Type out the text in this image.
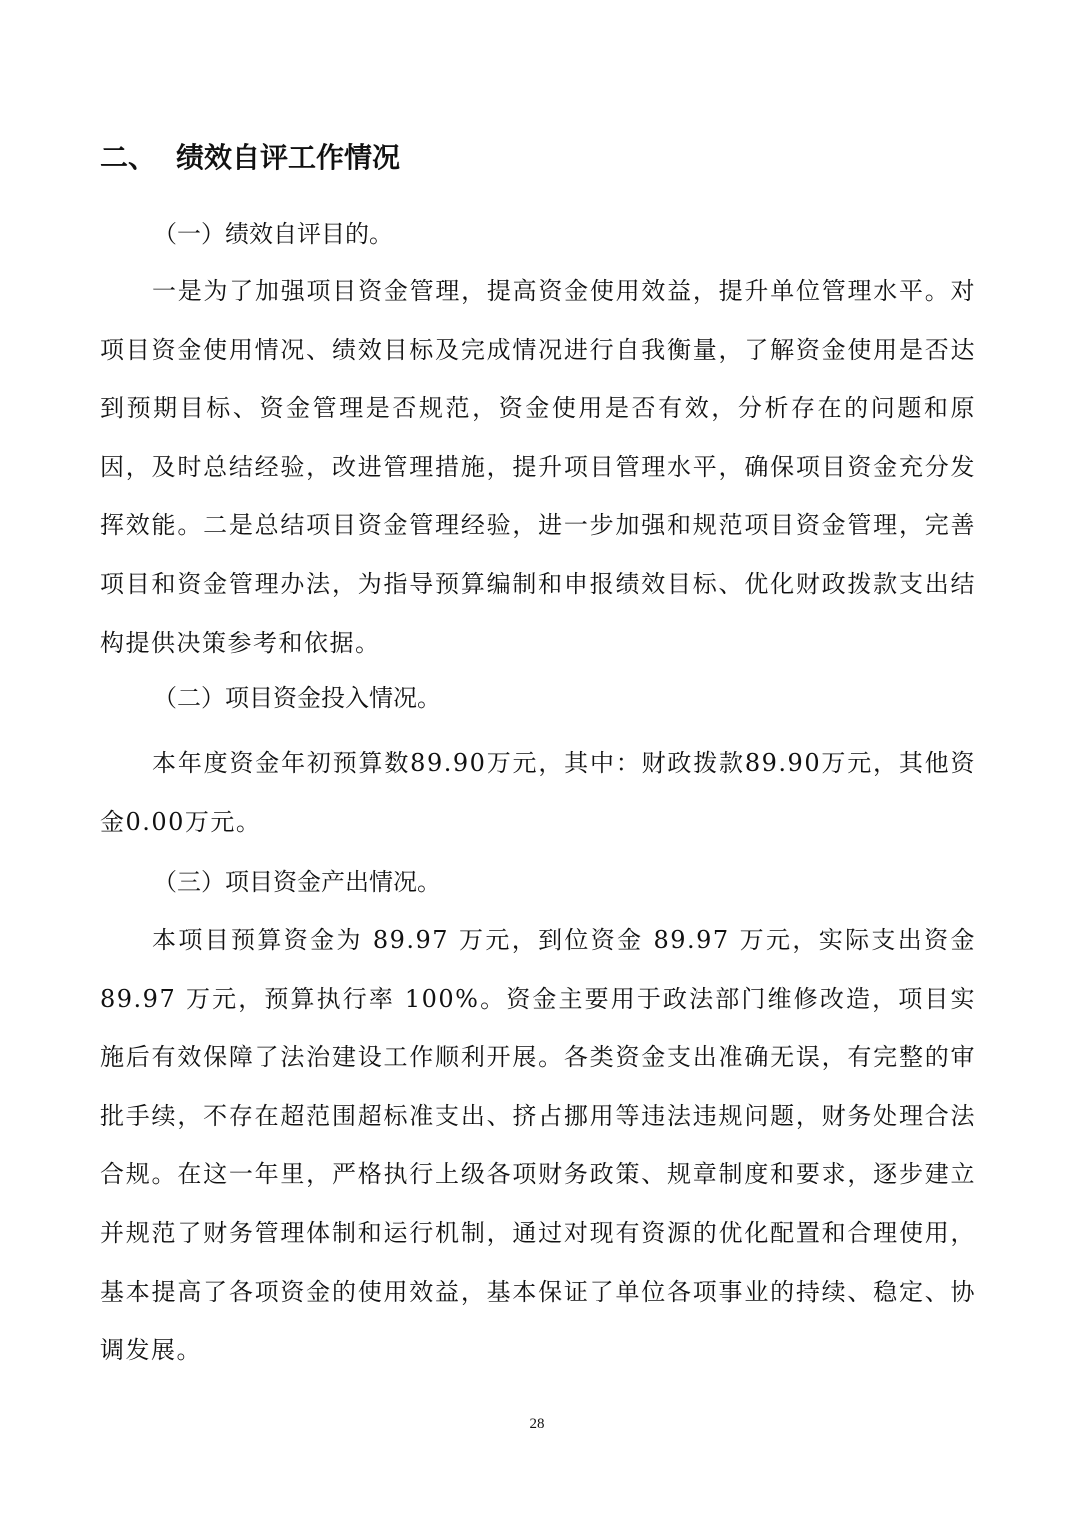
二、 绩效自评工作情况
（一）绩效自评目的。

一是为了加强项目资金管理，提高资金使用效益，提升单位管理水平。对项目资金使用情况、绩效目标及完成情况进行自我衡量，了解资金使用是否达到预期目标、资金管理是否规范，资金使用是否有效，分析存在的问题和原因，及时总结经验，改进管理措施，提升项目管理水平，确保项目资金充分发挥效能。二是总结项目资金管理经验，进一步加强和规范项目资金管理，完善项目和资金管理办法，为指导预算编制和申报绩效目标、优化财政拨款支出结构提供决策参考和依据。

（二）项目资金投入情况。

本年度资金年初预算数89.90万元，其中：财政拨款89.90万元，其他资金0.00万元。

（三）项目资金产出情况。

本项目预算资金为 89.97 万元，到位资金 89.97 万元，实际支出资金 89.97 万元，预算执行率 100%。资金主要用于政法部门维修改造，项目实施后有效保障了法治建设工作顺利开展。各类资金支出准确无误，有完整的审批手续，不存在超范围超标准支出、挤占挪用等违法违规问题，财务处理合法合规。在这一年里，严格执行上级各项财务政策、规章制度和要求，逐步建立并规范了财务管理体制和运行机制，通过对现有资源的优化配置和合理使用，基本提高了各项资金的使用效益，基本保证了单位各项事业的持续、稳定、协调发展。

28
